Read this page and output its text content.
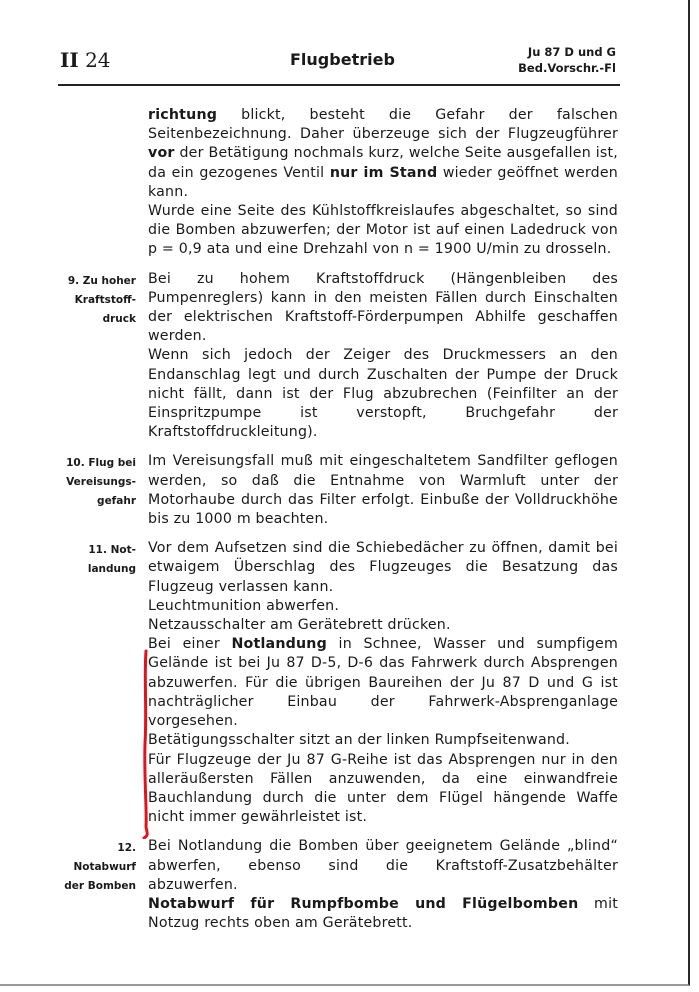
II 24	Flugbetrieb	Ju 87 D und G
Bed.Vorschr.-Fl

richtung blickt, besteht die Gefahr der falschen Seitenbezeichnung. Daher überzeuge sich der Flugzeugführer vor der Betätigung nochmals kurz, welche Seite ausgefallen ist, da ein gezogenes Ventil nur im Stand wieder geöffnet werden kann.

Wurde eine Seite des Kühlstoffkreislaufes abgeschaltet, so sind die Bomben abzuwerfen; der Motor ist auf einen Ladedruck von p = 0,9 ata und eine Drehzahl von n = 1900 U/min zu drosseln.

9. Zu hoher
Kraftstoff-
druck

Bei zu hohem Kraftstoffdruck (Hängenbleiben des Pumpenreglers) kann in den meisten Fällen durch Einschalten der elektrischen Kraftstoff-Förderpumpen Abhilfe geschaffen werden.

Wenn sich jedoch der Zeiger des Druckmessers an den Endanschlag legt und durch Zuschalten der Pumpe der Druck nicht fällt, dann ist der Flug abzubrechen (Feinfilter an der Einspritzpumpe ist verstopft, Bruchgefahr der Kraftstoffdruckleitung).

10. Flug bei
Vereisungs-
gefahr

Im Vereisungsfall muß mit eingeschaltetem Sandfilter geflogen werden, so daß die Entnahme von Warmluft unter der Motorhaube durch das Filter erfolgt. Einbuße der Volldruckhöhe bis zu 1000 m beachten.

11. Not-
landung

Vor dem Aufsetzen sind die Schiebedächer zu öffnen, damit bei etwaigem Überschlag des Flugzeuges die Besatzung das Flugzeug verlassen kann.

Leuchtmunition abwerfen.

Netzausschalter am Gerätebrett drücken.

Bei einer Notlandung in Schnee, Wasser und sumpfigem Gelände ist bei Ju 87 D-5, D-6 das Fahrwerk durch Absprengen abzuwerfen. Für die übrigen Baureihen der Ju 87 D und G ist nachträglicher Einbau der Fahrwerk-Absprenganlage vorgesehen.

Betätigungsschalter sitzt an der linken Rumpfseitenwand.

Für Flugzeuge der Ju 87 G-Reihe ist das Absprengen nur in den alleräußersten Fällen anzuwenden, da eine einwandfreie Bauchlandung durch die unter dem Flügel hängende Waffe nicht immer gewährleistet ist.

12. Notabwurf
der Bomben

Bei Notlandung die Bomben über geeignetem Gelände „blind“ abwerfen, ebenso sind die Kraftstoff-Zusatzbehälter abzuwerfen.

Notabwurf für Rumpfbombe und Flügelbomben mit Notzug rechts oben am Gerätebrett.
